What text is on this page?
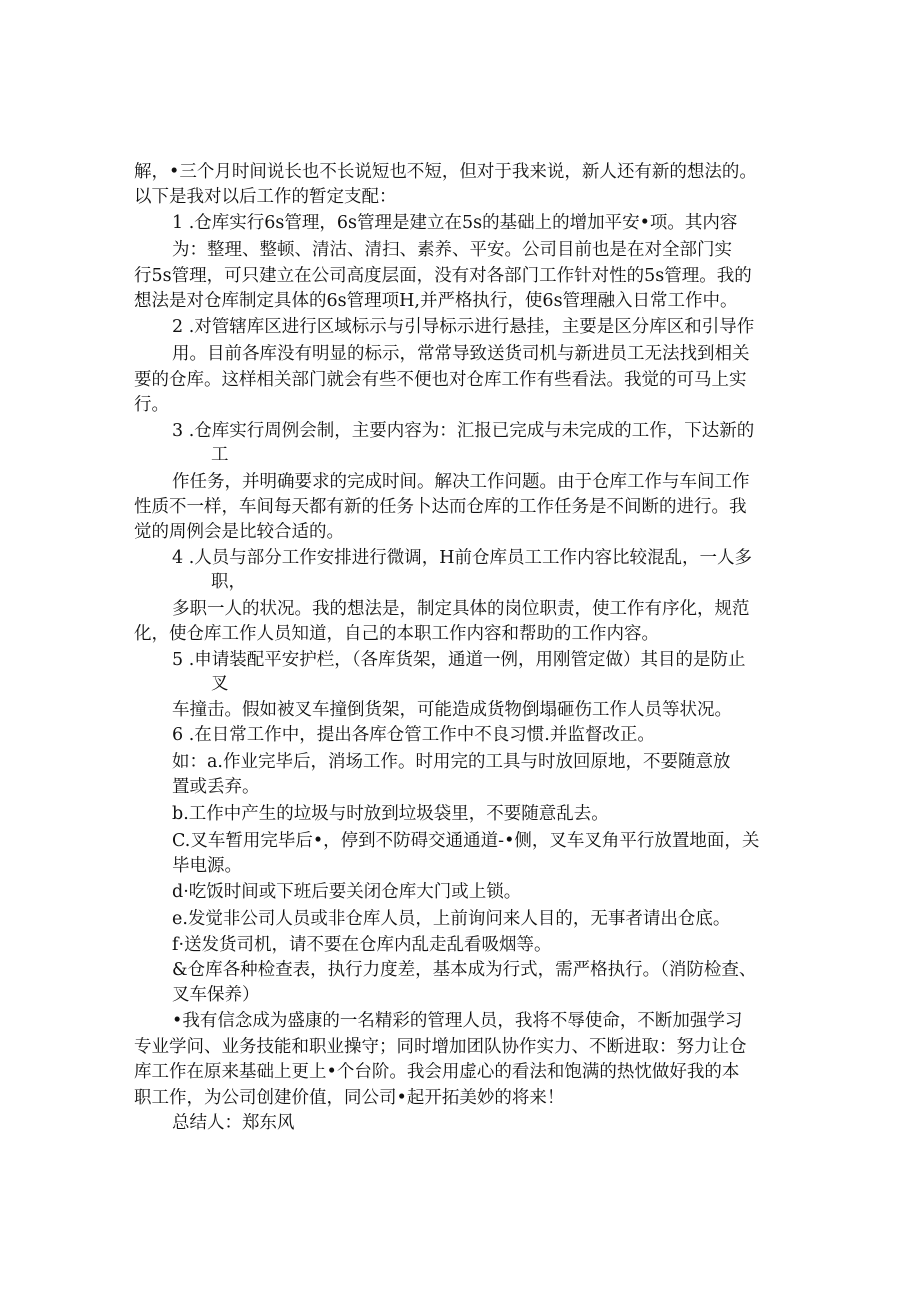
解，•三个月时间说长也不长说短也不短，但对于我来说，新人还有新的想法的。
以下是我对以后工作的暂定支配：
1 .仓库实行6s管理，6s管理是建立在5s的基础上的增加平安•项。其内容
为：整理、整顿、清沽、清扫、素养、平安。公司目前也是在对全部门实
行5s管理，可只建立在公司高度层面，没有对各部门工作针对性的5s管理。我的
想法是对仓库制定具体的6s管理项H,并严格执行，使6s管理融入日常工作中。
2 .对管辖库区进行区域标示与引导标示进行悬挂，主要是区分库区和引导作
用。目前各库没有明显的标示，常常导致送货司机与新进员工无法找到相关
要的仓库。这样相关部门就会有些不便也对仓库工作有些看法。我觉的可马上实
行。
3 .仓库实行周例会制，主要内容为：汇报已完成与未完成的工作，下达新的
工
作任务，并明确要求的完成时间。解决工作问题。由于仓库工作与车间工作
性质不一样，车间每天都有新的任务卜达而仓库的工作任务是不间断的进行。我
觉的周例会是比较合适的。
4 .人员与部分工作安排进行微调，H前仓库员工工作内容比较混乱，一人多
职，
多职一人的状况。我的想法是，制定具体的岗位职责，使工作有序化，规范
化，使仓库工作人员知道，自己的本职工作内容和帮助的工作内容。
5 .申请装配平安护栏，（各库货架，通道一例，用刚管定做）其目的是防止
叉
车撞击。假如被叉车撞倒货架，可能造成货物倒塌砸伤工作人员等状况。
6 .在日常工作中，提出各库仓管工作中不良习惯.并监督改正。
如：a.作业完毕后，消场工作。时用完的工具与时放回原地，不要随意放
置或丢弃。
b.工作中产生的垃圾与时放到垃圾袋里，不要随意乱去。
C.叉车暂用完毕后•，停到不防碍交通通道-•侧，叉车叉角平行放置地面，关
毕电源。
d·吃饭时间或下班后要关闭仓库大门或上锁。
e.发觉非公司人员或非仓库人员，上前询问来人目的，无事者请出仓底。
f·送发货司机，请不要在仓库内乱走乱看吸烟等。
&仓库各种检查表，执行力度差，基本成为行式，需严格执行。（消防检查、
叉车保养）
•我有信念成为盛康的一名精彩的管理人员，我将不辱使命，不断加强学习
专业学问、业务技能和职业操守；同时增加团队协作实力、不断进取：努力让仓
库工作在原来基础上更上•个台阶。我会用虚心的看法和饱满的热忱做好我的本
职工作，为公司创建价值，同公司•起开拓美妙的将来！
总结人：郑东风
